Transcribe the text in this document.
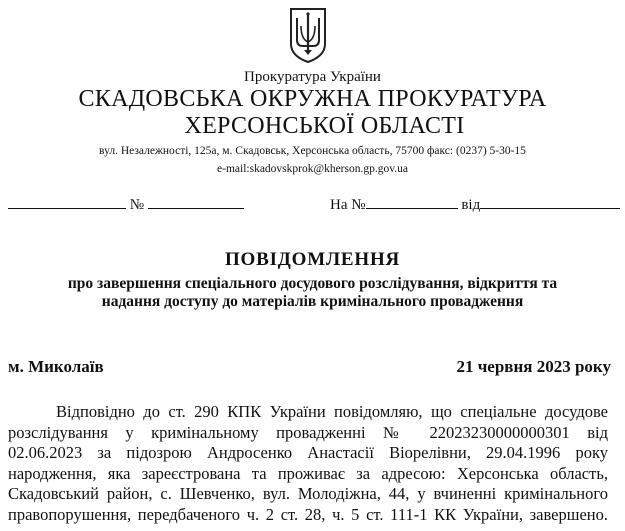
Прокуратура України
СКАДОВСЬКА ОКРУЖНА ПРОКУРАТУРА
ХЕРСОНСЬКОЇ ОБЛАСТІ
вул. Незалежності, 125а, м. Скадовськ, Херсонська область, 75700 факс: (0237) 5-30-15
e-mail:skadovskprok@kherson.gp.gov.ua
№	На №	від
ПОВІДОМЛЕННЯ
про завершення спеціального досудового розслідування, відкриття та
надання доступу до матеріалів кримінального провадження
м. Миколаїв	21 червня 2023 року
Відповідно до ст. 290 КПК України повідомляю, що спеціальне досудове
розслідування у кримінальному провадженні № 22023230000000301 від
02.06.2023 за підозрою Андросенко Анастасії Віорелівни, 29.04.1996 року
народження, яка зареєстрована та проживає за адресою: Херсонська область,
Скадовський район, с. Шевченко, вул. Молодіжна, 44, у вчиненні кримінального
правопорушення, передбаченого ч. 2 ст. 28, ч. 5 ст. 111-1 КК України, завершено.
